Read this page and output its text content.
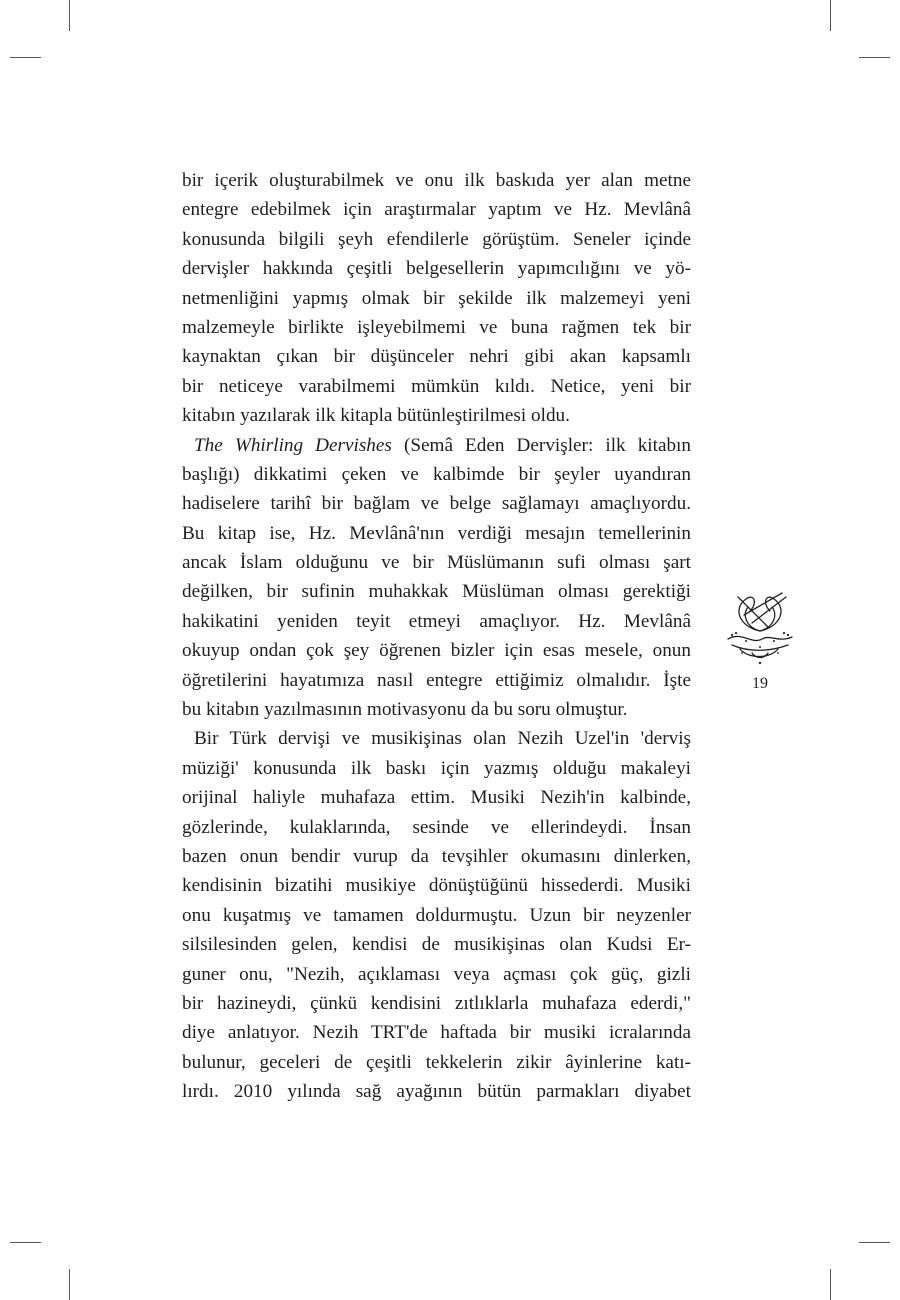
bir içerik oluşturabilmek ve onu ilk baskıda yer alan metne
entegre edebilmek için araştırmalar yaptım ve Hz. Mevlânâ
konusunda bilgili şeyh efendilerle görüştüm. Seneler içinde
dervişler hakkında çeşitli belgesellerin yapımcılığını ve yö-
netmenliğini yapmış olmak bir şekilde ilk malzemeyi yeni
malzemeyle birlikte işleyebilmemi ve buna rağmen tek bir
kaynaktan çıkan bir düşünceler nehri gibi akan kapsamlı
bir neticeye varabilmemi mümkün kıldı. Netice, yeni bir
kitabın yazılarak ilk kitapla bütünleştirilmesi oldu.
The Whirling Dervishes (Semâ Eden Dervişler: ilk kitabın
başlığı) dikkatimi çeken ve kalbimde bir şeyler uyandıran
hadiselere tarihî bir bağlam ve belge sağlamayı amaçlıyordu.
Bu kitap ise, Hz. Mevlânâ'nın verdiği mesajın temellerinin
ancak İslam olduğunu ve bir Müslümanın sufi olması şart
değilken, bir sufinin muhakkak Müslüman olması gerektiği
hakikatini yeniden teyit etmeyi amaçlıyor. Hz. Mevlânâ
okuyup ondan çok şey öğrenen bizler için esas mesele, onun
öğretilerini hayatımıza nasıl entegre ettiğimiz olmalıdır. İşte
bu kitabın yazılmasının motivasyonu da bu soru olmuştur.
Bir Türk dervişi ve musikişinas olan Nezih Uzel'in 'derviş
müziği' konusunda ilk baskı için yazmış olduğu makaleyi
orijinal haliyle muhafaza ettim. Musiki Nezih'in kalbinde,
gözlerinde, kulaklarında, sesinde ve ellerindeydi. İnsan
bazen onun bendir vurup da tevşihler okumasını dinlerken,
kendisinin bizatihi musikiye dönüştüğünü hissederdi. Musiki
onu kuşatmış ve tamamen doldurmuştu. Uzun bir neyzenler
silsilesinden gelen, kendisi de musikişinas olan Kudsi Er-
guner onu, "Nezih, açıklaması veya açması çok güç, gizli
bir hazineydi, çünkü kendisini zıtlıklarla muhafaza ederdi,"
diye anlatıyor. Nezih TRT'de haftada bir musiki icralarında
bulunur, geceleri de çeşitli tekkelerin zikir âyinlerine katı-
lırdı. 2010 yılında sağ ayağının bütün parmakları diyabet
19
